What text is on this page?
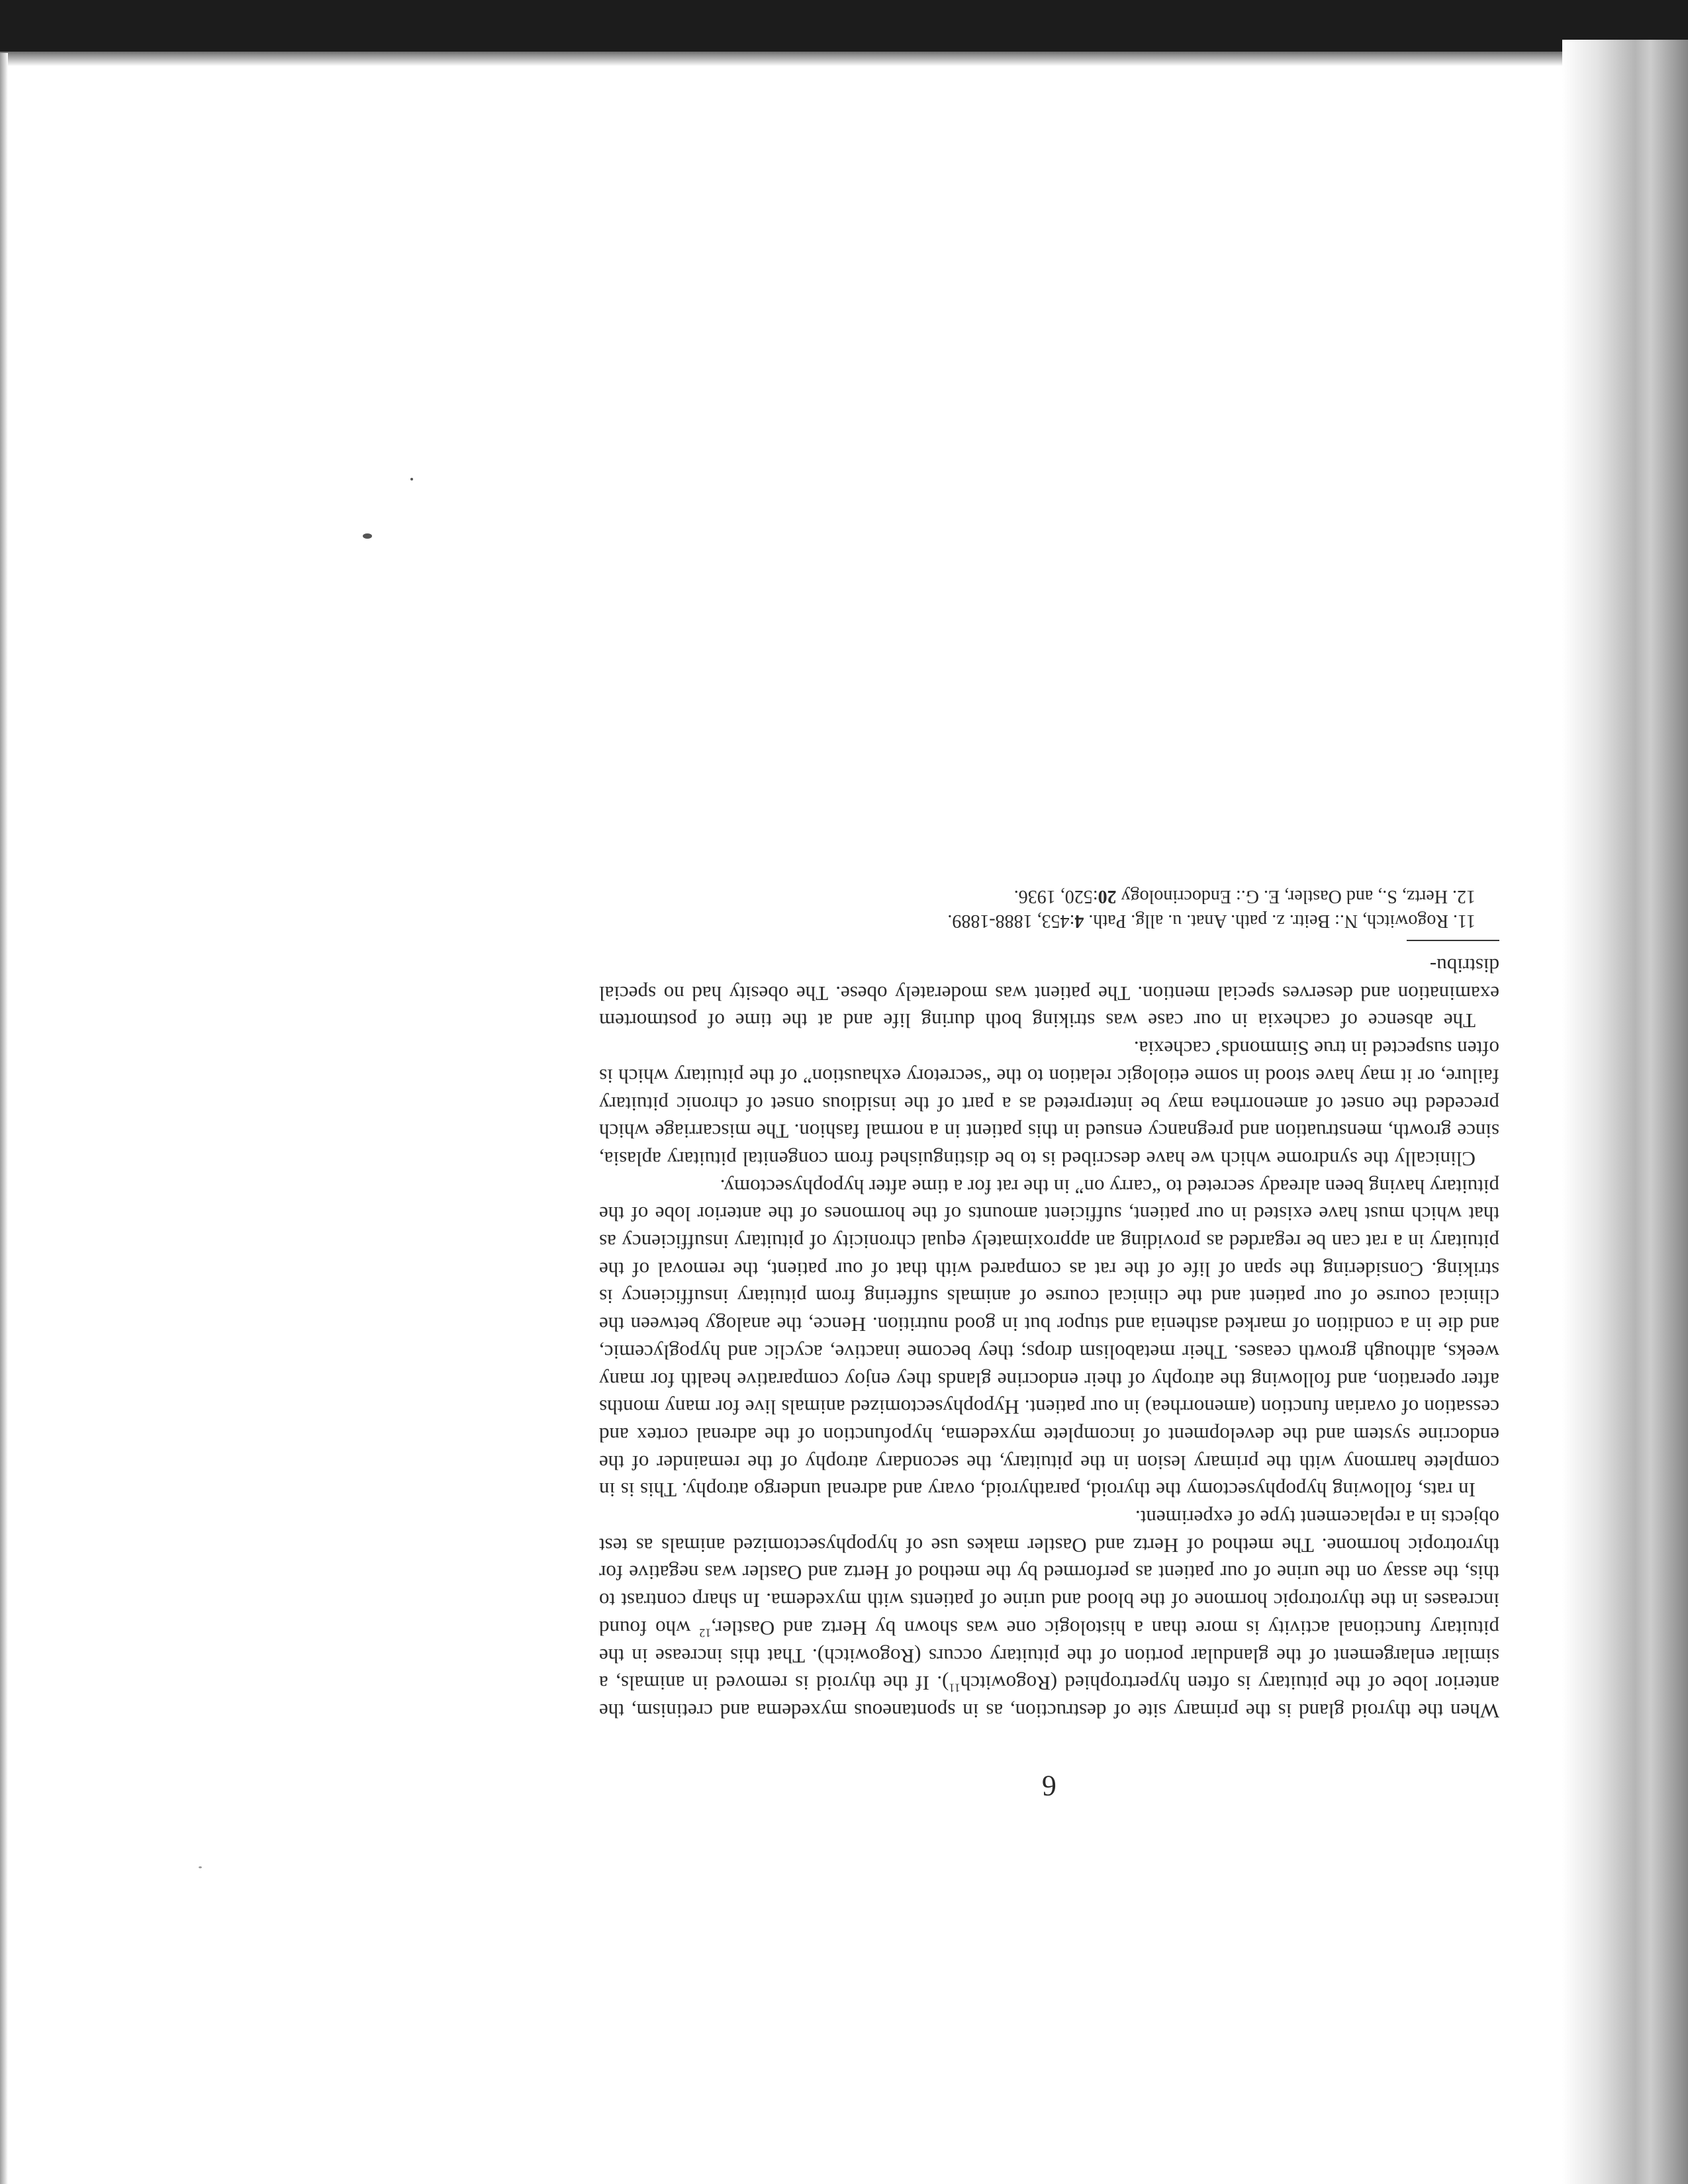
6

When the thyroid gland is the primary site of destruction, as in spontaneous myxedema and cretinism, the anterior lobe of the pituitary is often hypertrophied (Rogowitch$^{11}$). If the thyroid is removed in animals, a similar enlargement of the glandular portion of the pituitary occurs (Rogowitch). That this increase in the pituitary functional activity is more than a histologic one was shown by Hertz and Oastler,$^{12}$ who found increases in the thyrotropic hormone of the blood and urine of patients with myxedema. In sharp contrast to this, the assay on the urine of our patient as performed by the method of Hertz and Oastler was negative for thyrotropic hormone. The method of Hertz and Oastler makes use of hypophysectomized animals as test objects in a replacement type of experiment.

In rats, following hypophysectomy the thyroid, parathyroid, ovary and adrenal undergo atrophy. This is in complete harmony with the primary lesion in the pituitary, the secondary atrophy of the remainder of the endocrine system and the development of incomplete myxedema, hypofunction of the adrenal cortex and cessation of ovarian function (amenorrhea) in our patient. Hypophysectomized animals live for many months after operation, and following the atrophy of their endocrine glands they enjoy comparative health for many weeks, although growth ceases. Their metabolism drops; they become inactive, acyclic and hypoglycemic, and die in a condition of marked asthenia and stupor but in good nutrition. Hence, the analogy between the clinical course of our patient and the clinical course of animals suffering from pituitary insufficiency is striking. Considering the span of life of the rat as compared with that of our patient, the removal of the pituitary in a rat can be regarded as providing an approximately equal chronicity of pituitary insufficiency as that which must have existed in our patient, sufficient amounts of the hormones of the anterior lobe of the pituitary having been already secreted to “carry on” in the rat for a time after hypophysectomy.

Clinically the syndrome which we have described is to be distinguished from congenital pituitary aplasia, since growth, menstruation and pregnancy ensued in this patient in a normal fashion. The miscarriage which preceded the onset of amenorrhea may be interpreted as a part of the insidious onset of chronic pituitary failure, or it may have stood in some etiologic relation to the “secretory exhaustion” of the pituitary which is often suspected in true Simmonds’ cachexia.

The absence of cachexia in our case was striking both during life and at the time of postmortem examination and deserves special mention. The patient was moderately obese. The obesity had no special distribu-

11. Rogowitch, N.: Beitr. z. path. Anat. u. allg. Path. 4:453, 1888-1889.

12. Hertz, S., and Oastler, E. G.: Endocrinology 20:520, 1936.
